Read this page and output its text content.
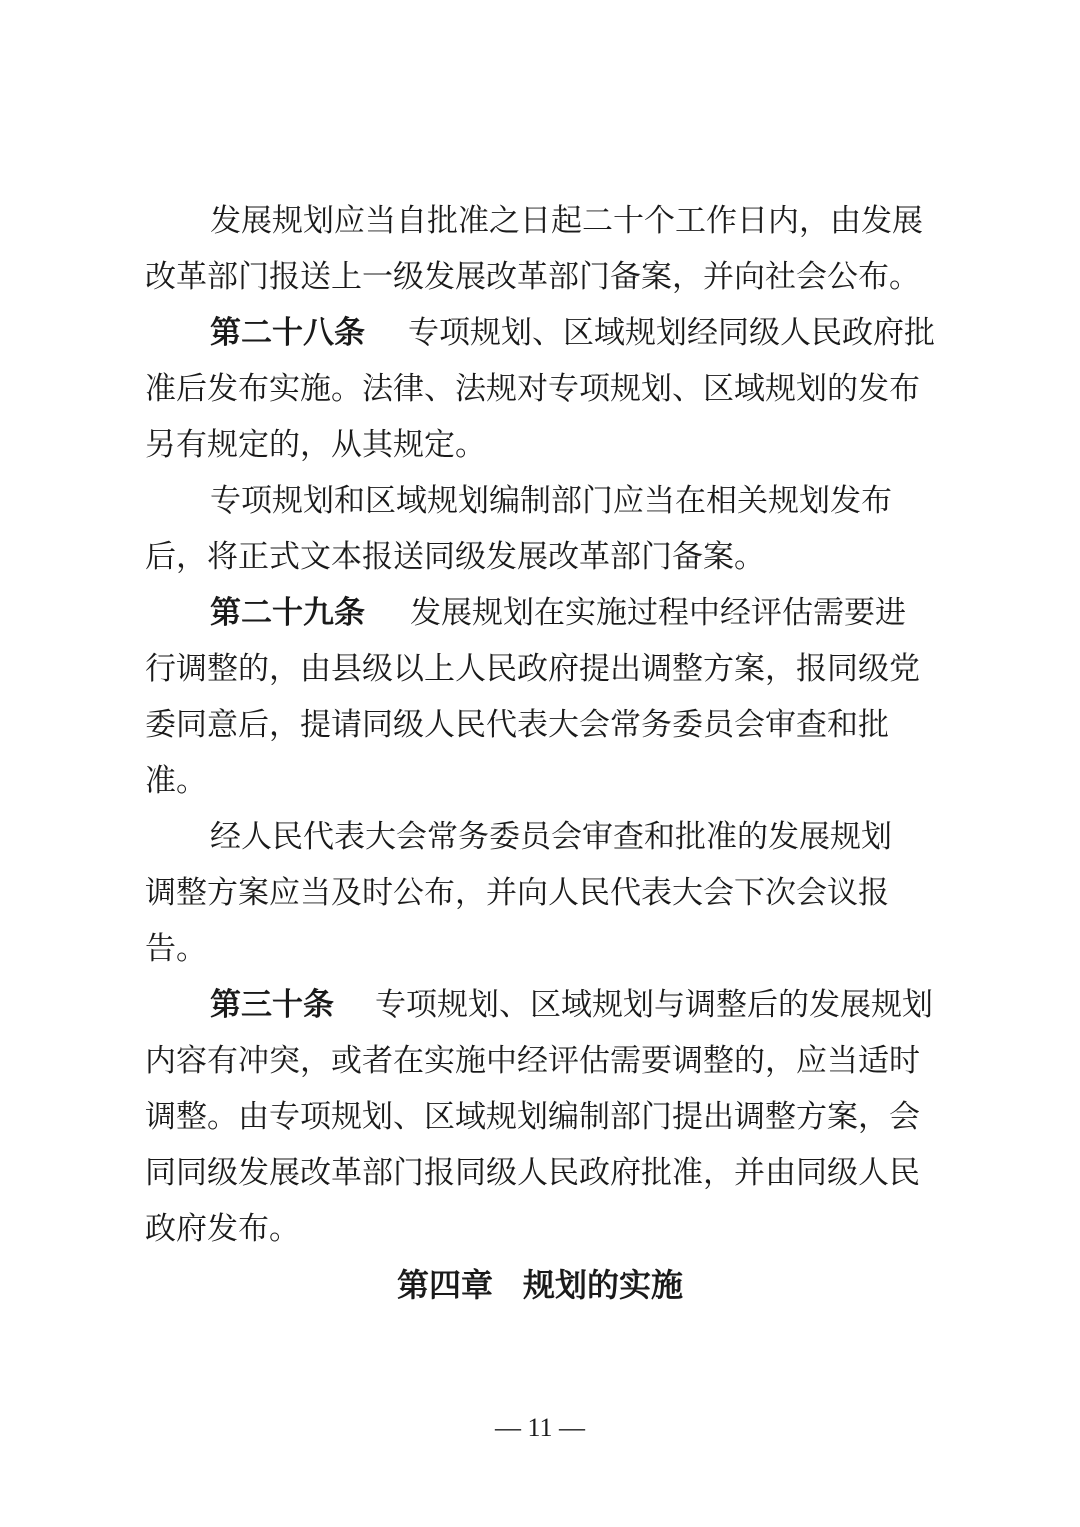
发展规划应当自批准之日起二十个工作日内，由发展

改革部门报送上一级发展改革部门备案，并向社会公布。

第二十八条

专项规划、区域规划经同级人民政府批

准后发布实施。法律、法规对专项规划、区域规划的发布

另有规定的，从其规定。

专项规划和区域规划编制部门应当在相关规划发布

后，将正式文本报送同级发展改革部门备案。

第二十九条

发展规划在实施过程中经评估需要进

行调整的，由县级以上人民政府提出调整方案，报同级党

委同意后，提请同级人民代表大会常务委员会审查和批

准。

经人民代表大会常务委员会审查和批准的发展规划

调整方案应当及时公布，并向人民代表大会下次会议报

告。

第三十条

专项规划、区域规划与调整后的发展规划

内容有冲突，或者在实施中经评估需要调整的，应当适时

调整。由专项规划、区域规划编制部门提出调整方案，会

同同级发展改革部门报同级人民政府批准，并由同级人民

政府发布。

第四章 规划的实施
— 11 —
